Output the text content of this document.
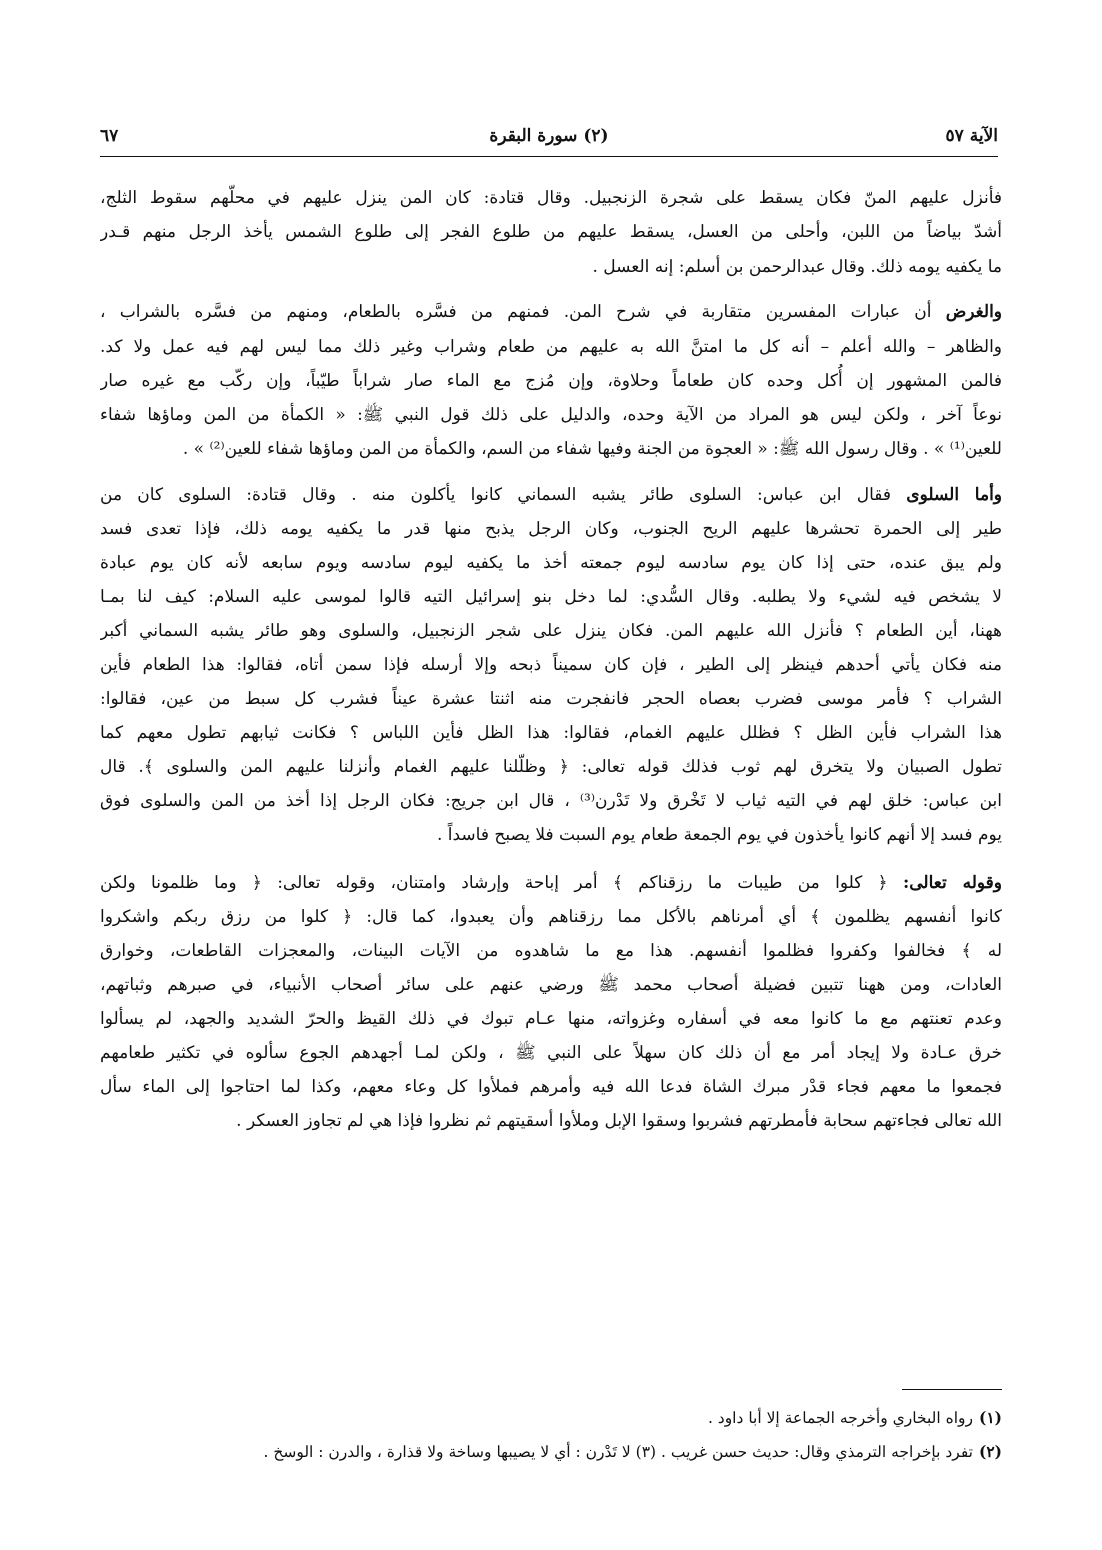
الآية ٥٧
(٢) سورة البقرة
٦٧
فأنزل عليهم المنّ فكان يسقط على شجرة الزنجبيل. وقال قتادة: كان المن ينزل عليهم في محلّهم سقوط الثلج،
أشدّ بياضاً من اللبن، وأحلى من العسل، يسقط عليهم من طلوع الفجر إلى طلوع الشمس يأخذ الرجل منهم قـدر
ما يكفيه يومه ذلك. وقال عبدالرحمن بن أسلم: إنه العسل .
والغرض أن عبارات المفسرين متقاربة في شرح المن. فمنهم من فسَّره بالطعام، ومنهم من فسَّره بالشراب ،
والظاهر – والله أعلم – أنه كل ما امتنَّ الله به عليهم من طعام وشراب وغير ذلك مما ليس لهم فيه عمل ولا كد.
فالمن المشهور إن أُكل وحده كان طعاماً وحلاوة، وإن مُزج مع الماء صار شراباً طيّباً، وإن ركّب مع غيره صار
نوعاً آخر ، ولكن ليس هو المراد من الآية وحده، والدليل على ذلك قول النبي ﷺ: « الكمأة من المن وماؤها شفاء
للعين⁽¹⁾ » . وقال رسول الله ﷺ: « العجوة من الجنة وفيها شفاء من السم، والكمأة من المن وماؤها شفاء للعين⁽²⁾ » .
وأما السلوى فقال ابن عباس: السلوى طائر يشبه السماني كانوا يأكلون منه . وقال قتادة: السلوى كان من
طير إلى الحمرة تحشرها عليهم الريح الجنوب، وكان الرجل يذبح منها قدر ما يكفيه يومه ذلك، فإذا تعدى فسد
ولم يبق عنده، حتى إذا كان يوم سادسه ليوم جمعته أخذ ما يكفيه ليوم سادسه ويوم سابعه لأنه كان يوم عبادة
لا يشخص فيه لشيء ولا يطلبه. وقال السُّدي: لما دخل بنو إسرائيل التيه قالوا لموسى عليه السلام: كيف لنا بمـا
ههنا، أين الطعام ؟ فأنزل الله عليهم المن. فكان ينزل على شجر الزنجبيل، والسلوى وهو طائر يشبه السماني أكبر
منه فكان يأتي أحدهم فينظر إلى الطير ، فإن كان سميناً ذبحه وإلا أرسله فإذا سمن أتاه، فقالوا: هذا الطعام فأين
الشراب ؟ فأمر موسى فضرب بعصاه الحجر فانفجرت منه اثنتا عشرة عيناً فشرب كل سبط من عين، فقالوا:
هذا الشراب فأين الظل ؟ فظلل عليهم الغمام، فقالوا: هذا الظل فأين اللباس ؟ فكانت ثيابهم تطول معهم كما
تطول الصبيان ولا يتخرق لهم ثوب فذلك قوله تعالى: ﴿ وظلّلنا عليهم الغمام وأنزلنا عليهم المن والسلوى ﴾. قال
ابن عباس: خلق لهم في التيه ثياب لا تَخْرق ولا تَدْرن⁽³⁾ ، قال ابن جريج: فكان الرجل إذا أخذ من المن والسلوى فوق
يوم فسد إلا أنهم كانوا يأخذون في يوم الجمعة طعام يوم السبت فلا يصبح فاسداً .
وقوله تعالى: ﴿ كلوا من طيبات ما رزقناكم ﴾ أمر إباحة وإرشاد وامتنان، وقوله تعالى: ﴿ وما ظلمونا ولكن
كانوا أنفسهم يظلمون ﴾ أي أمرناهم بالأكل مما رزقناهم وأن يعبدوا، كما قال: ﴿ كلوا من رزق ربكم واشكروا
له ﴾ فخالفوا وكفروا فظلموا أنفسهم. هذا مع ما شاهدوه من الآيات البينات، والمعجزات القاطعات، وخوارق
العادات، ومن ههنا تتبين فضيلة أصحاب محمد ﷺ ورضي عنهم على سائر أصحاب الأنبياء، في صبرهم وثباتهم،
وعدم تعنتهم مع ما كانوا معه في أسفاره وغزواته، منها عـام تبوك في ذلك القيظ والحرّ الشديد والجهد، لم يسألوا
خرق عـادة ولا إيجاد أمر مع أن ذلك كان سهلاً على النبي ﷺ ، ولكن لمـا أجهدهم الجوع سألوه في تكثير طعامهم
فجمعوا ما معهم فجاء قدْر مبرك الشاة فدعا الله فيه وأمرهم فملأوا كل وعاء معهم، وكذا لما احتاجوا إلى الماء سأل
الله تعالى فجاءتهم سحابة فأمطرتهم فشربوا وسقوا الإبل وملأوا أسقيتهم ثم نظروا فإذا هي لم تجاوز العسكر .
(١)رواه البخاري وأخرجه الجماعة إلا أبا داود .
(٢)تفرد بإخراجه الترمذي وقال: حديث حسن غريب . (٣) لا تَدْرن : أي لا يصيبها وساخة ولا قذارة ، والدرن : الوسخ .
